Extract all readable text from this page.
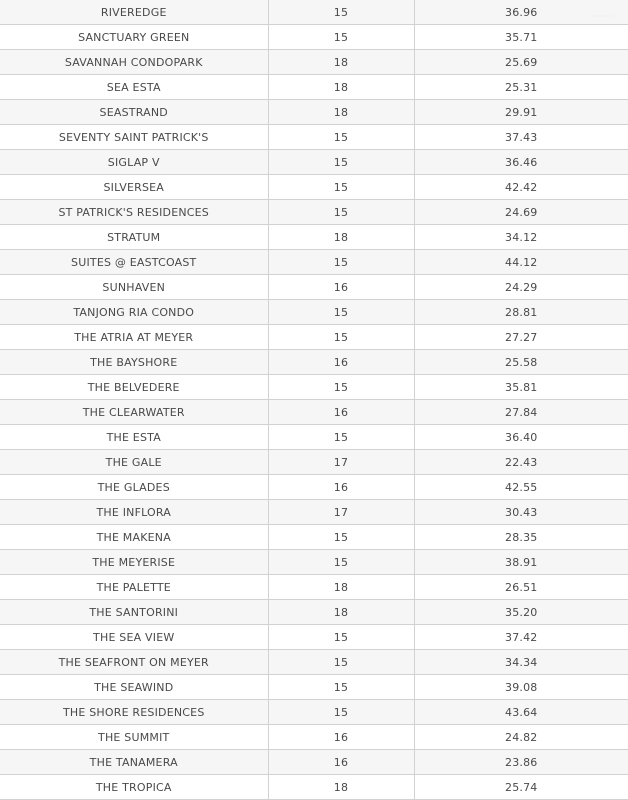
RIVEREDGE	15	36.96
SANCTUARY GREEN	15	35.71
SAVANNAH CONDOPARK	18	25.69
SEA ESTA	18	25.31
SEASTRAND	18	29.91
SEVENTY SAINT PATRICK'S	15	37.43
SIGLAP V	15	36.46
SILVERSEA	15	42.42
ST PATRICK'S RESIDENCES	15	24.69
STRATUM	18	34.12
SUITES @ EASTCOAST	15	44.12
SUNHAVEN	16	24.29
TANJONG RIA CONDO	15	28.81
THE ATRIA AT MEYER	15	27.27
THE BAYSHORE	16	25.58
THE BELVEDERE	15	35.81
THE CLEARWATER	16	27.84
THE ESTA	15	36.40
THE GALE	17	22.43
THE GLADES	16	42.55
THE INFLORA	17	30.43
THE MAKENA	15	28.35
THE MEYERISE	15	38.91
THE PALETTE	18	26.51
THE SANTORINI	18	35.20
THE SEA VIEW	15	37.42
THE SEAFRONT ON MEYER	15	34.34
THE SEAWIND	15	39.08
THE SHORE RESIDENCES	15	43.64
THE SUMMIT	16	24.82
THE TANAMERA	16	23.86
THE TROPICA	18	25.74
·········
